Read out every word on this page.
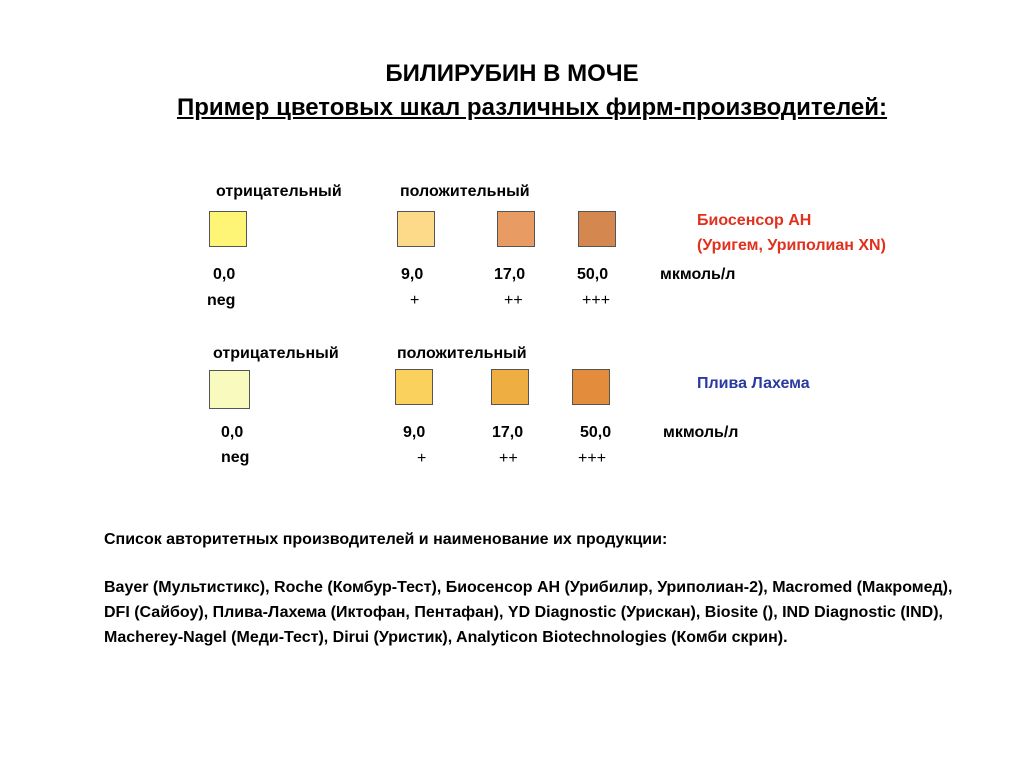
БИЛИРУБИН В МОЧЕ
Пример цветовых шкал различных фирм-производителей:
отрицательный	положительный
Биосенсор АН
(Уригем, Уриполиан XN)
0,0	9,0	17,0	50,0	мкмоль/л
neg	+	++	+++
отрицательный	положительный
Плива Лахема
0,0	9,0	17,0	50,0	мкмоль/л
neg	+	++	+++
Список авторитетных производителей и наименование их продукции:
Bayer (Мультистикс), Roche (Комбур-Тест), Биосенсор АН (Урибилир, Уриполиан-2), Macromed (Макромед), DFI (Сайбоу), Плива-Лахема (Иктофан, Пентафан), YD Diagnostic (Урискан), Biosite (), IND Diagnostic (IND), Macherey-Nagel (Меди-Тест), Dirui (Уристик), Analyticon Biotechnologies (Комби скрин).
